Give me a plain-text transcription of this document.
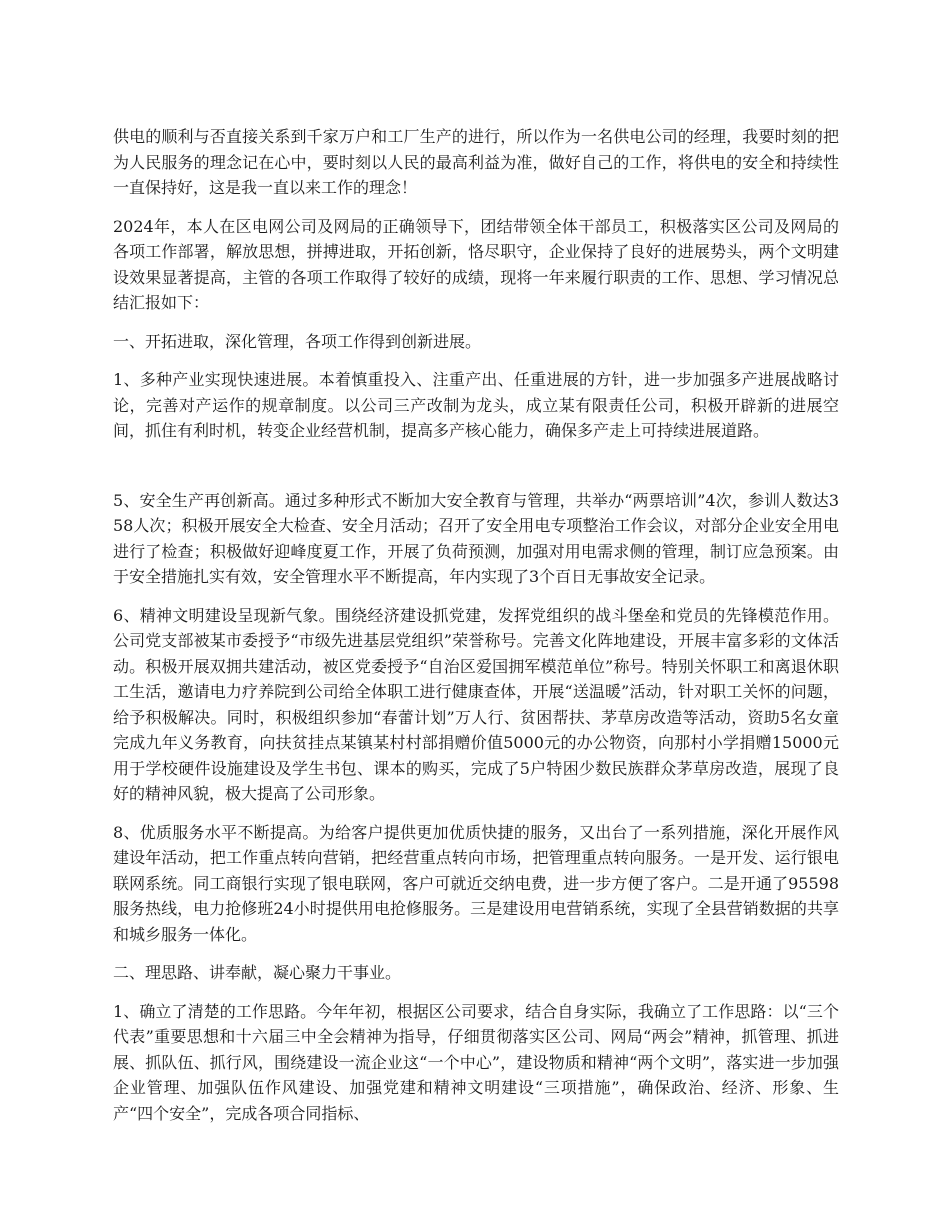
供电的顺利与否直接关系到千家万户和工厂生产的进行，所以作为一名供电公司的经理，我要时刻的把为人民服务的理念记在心中，要时刻以人民的最高利益为准，做好自己的工作，将供电的安全和持续性一直保持好，这是我一直以来工作的理念！

2024年，本人在区电网公司及网局的正确领导下，团结带领全体干部员工，积极落实区公司及网局的各项工作部署，解放思想，拼搏进取，开拓创新，恪尽职守，企业保持了良好的进展势头，两个文明建设效果显著提高，主管的各项工作取得了较好的成绩，现将一年来履行职责的工作、思想、学习情况总结汇报如下：

一、开拓进取，深化管理，各项工作得到创新进展。

1、多种产业实现快速进展。本着慎重投入、注重产出、任重进展的方针，进一步加强多产进展战略讨论，完善对产运作的规章制度。以公司三产改制为龙头，成立某有限责任公司，积极开辟新的进展空间，抓住有利时机，转变企业经营机制，提高多产核心能力，确保多产走上可持续进展道路。

5、安全生产再创新高。通过多种形式不断加大安全教育与管理，共举办“两票培训”4次，参训人数达358人次；积极开展安全大检查、安全月活动；召开了安全用电专项整治工作会议，对部分企业安全用电进行了检查；积极做好迎峰度夏工作，开展了负荷预测，加强对用电需求侧的管理，制订应急预案。由于安全措施扎实有效，安全管理水平不断提高，年内实现了3个百日无事故安全记录。

6、精神文明建设呈现新气象。围绕经济建设抓党建，发挥党组织的战斗堡垒和党员的先锋模范作用。公司党支部被某市委授予“市级先进基层党组织”荣誉称号。完善文化阵地建设，开展丰富多彩的文体活动。积极开展双拥共建活动，被区党委授予“自治区爱国拥军模范单位”称号。特别关怀职工和离退休职工生活，邀请电力疗养院到公司给全体职工进行健康查体，开展“送温暖”活动，针对职工关怀的问题，给予积极解决。同时，积极组织参加“春蕾计划”万人行、贫困帮扶、茅草房改造等活动，资助5名女童完成九年义务教育，向扶贫挂点某镇某村村部捐赠价值5000元的办公物资，向那村小学捐赠15000元用于学校硬件设施建设及学生书包、课本的购买，完成了5户特困少数民族群众茅草房改造，展现了良好的精神风貌，极大提高了公司形象。

8、优质服务水平不断提高。为给客户提供更加优质快捷的服务，又出台了一系列措施，深化开展作风建设年活动，把工作重点转向营销，把经营重点转向市场，把管理重点转向服务。一是开发、运行银电联网系统。同工商银行实现了银电联网，客户可就近交纳电费，进一步方便了客户。二是开通了95598服务热线，电力抢修班24小时提供用电抢修服务。三是建设用电营销系统，实现了全县营销数据的共享和城乡服务一体化。

二、理思路、讲奉献，凝心聚力干事业。

1、确立了清楚的工作思路。今年年初，根据区公司要求，结合自身实际，我确立了工作思路：以“三个代表”重要思想和十六届三中全会精神为指导，仔细贯彻落实区公司、网局“两会”精神，抓管理、抓进展、抓队伍、抓行风，围绕建设一流企业这“一个中心”，建设物质和精神“两个文明”，落实进一步加强企业管理、加强队伍作风建设、加强党建和精神文明建设“三项措施”，确保政治、经济、形象、生产“四个安全”，完成各项合同指标、
